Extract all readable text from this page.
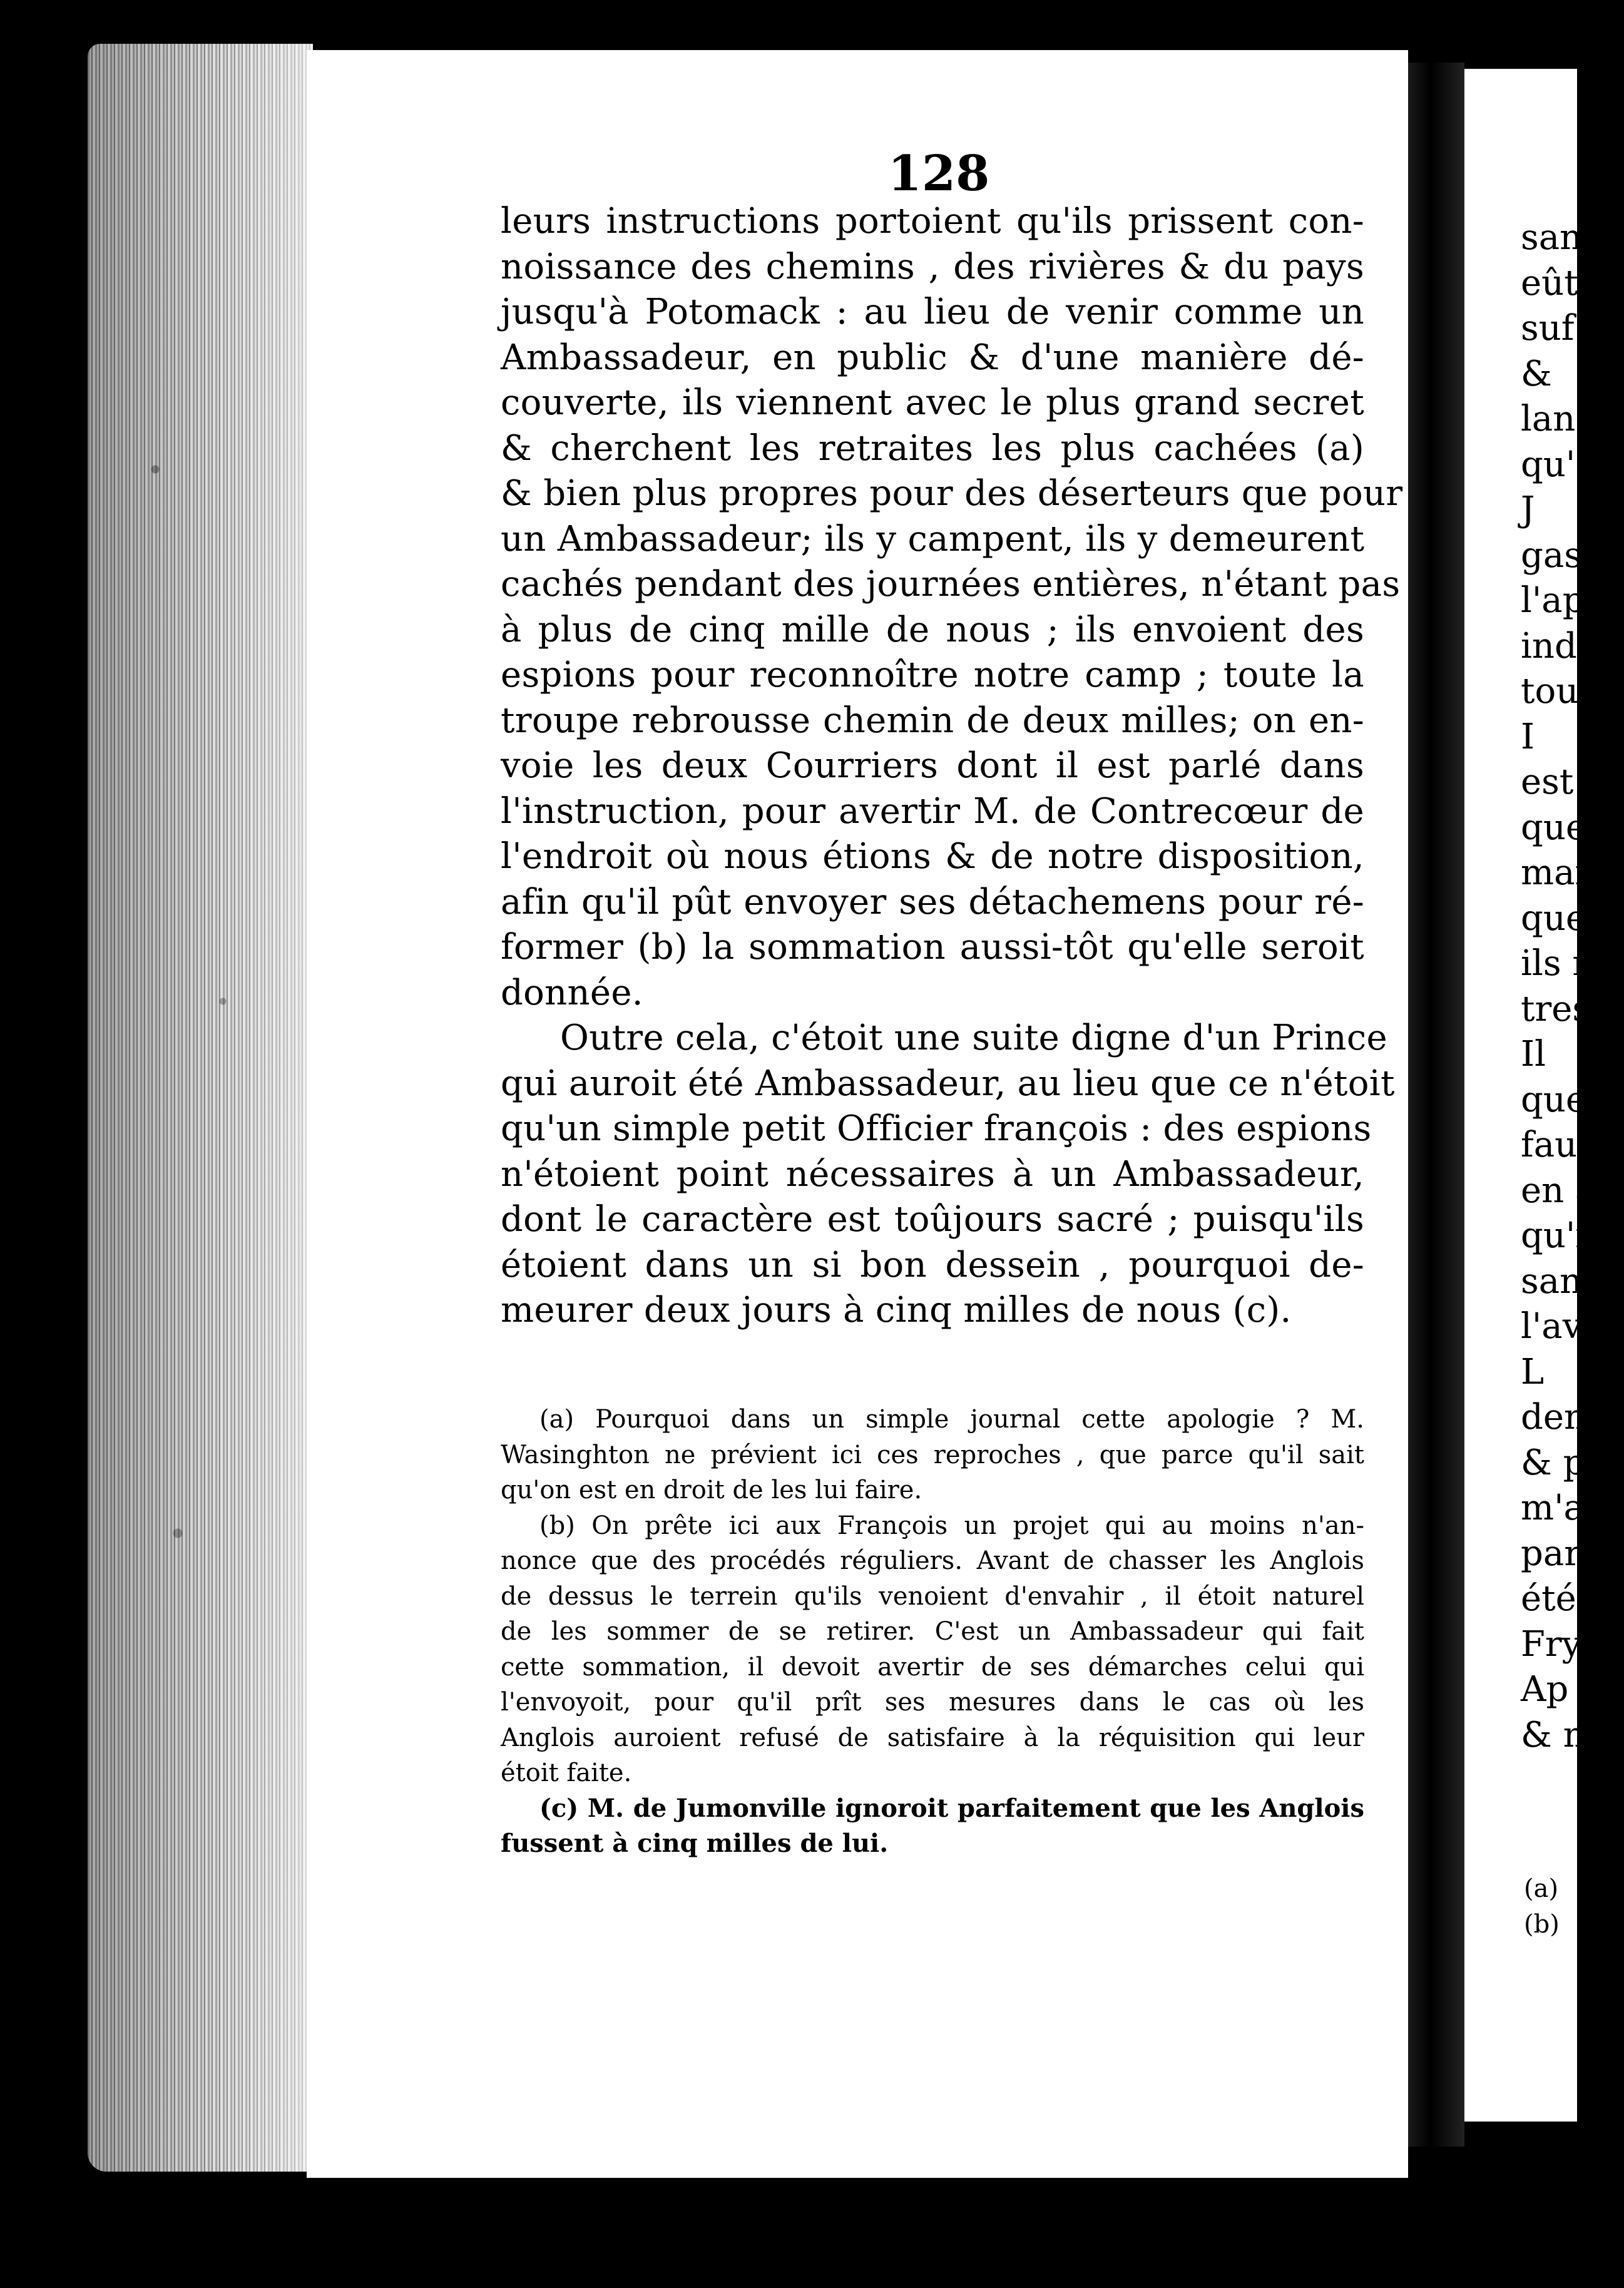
san
eût
suf
&
lan
qu'
J
gase
l'ap
ind
tou
I
est
que
mai
que
ils r
tres
Il
que
faus
en a
qu'il
sans
l'avo
L
demi
& p
m'att
partis
été c
Fry
Ap
& m
(a)
(b)
128
leurs instructions portoient qu'ils prissent con-
noissance des chemins , des rivières & du pays
jusqu'à Potomack : au lieu de venir comme un
Ambassadeur, en public & d'une manière dé-
couverte, ils viennent avec le plus grand secret
& cherchent les retraites les plus cachées (a)
& bien plus propres pour des déserteurs que pour
un Ambassadeur; ils y campent, ils y demeurent
cachés pendant des journées entières, n'étant pas
à plus de cinq mille de nous ; ils envoient des
espions pour reconnoître notre camp ; toute la
troupe rebrousse chemin de deux milles; on en-
voie les deux Courriers dont il est parlé dans
l'instruction, pour avertir M. de Contrecœur de
l'endroit où nous étions & de notre disposition,
afin qu'il pût envoyer ses détachemens pour ré-
former (b) la sommation aussi-tôt qu'elle seroit
donnée.
Outre cela, c'étoit une suite digne d'un Prince
qui auroit été Ambassadeur, au lieu que ce n'étoit
qu'un simple petit Officier françois : des espions
n'étoient point nécessaires à un Ambassadeur,
dont le caractère est toûjours sacré ; puisqu'ils
étoient dans un si bon dessein , pourquoi de-
meurer deux jours à cinq milles de nous (c).
(a) Pourquoi dans un simple journal cette apologie ? M.
Wasinghton ne prévient ici ces reproches , que parce qu'il sait
qu'on est en droit de les lui faire.
(b) On prête ici aux François un projet qui au moins n'an-
nonce que des procédés réguliers. Avant de chasser les Anglois
de dessus le terrein qu'ils venoient d'envahir , il étoit naturel
de les sommer de se retirer. C'est un Ambassadeur qui fait
cette sommation, il devoit avertir de ses démarches celui qui
l'envoyoit, pour qu'il prît ses mesures dans le cas où les
Anglois auroient refusé de satisfaire à la réquisition qui leur
étoit faite.
(c) M. de Jumonville ignoroit parfaitement que les Anglois
fussent à cinq milles de lui.
